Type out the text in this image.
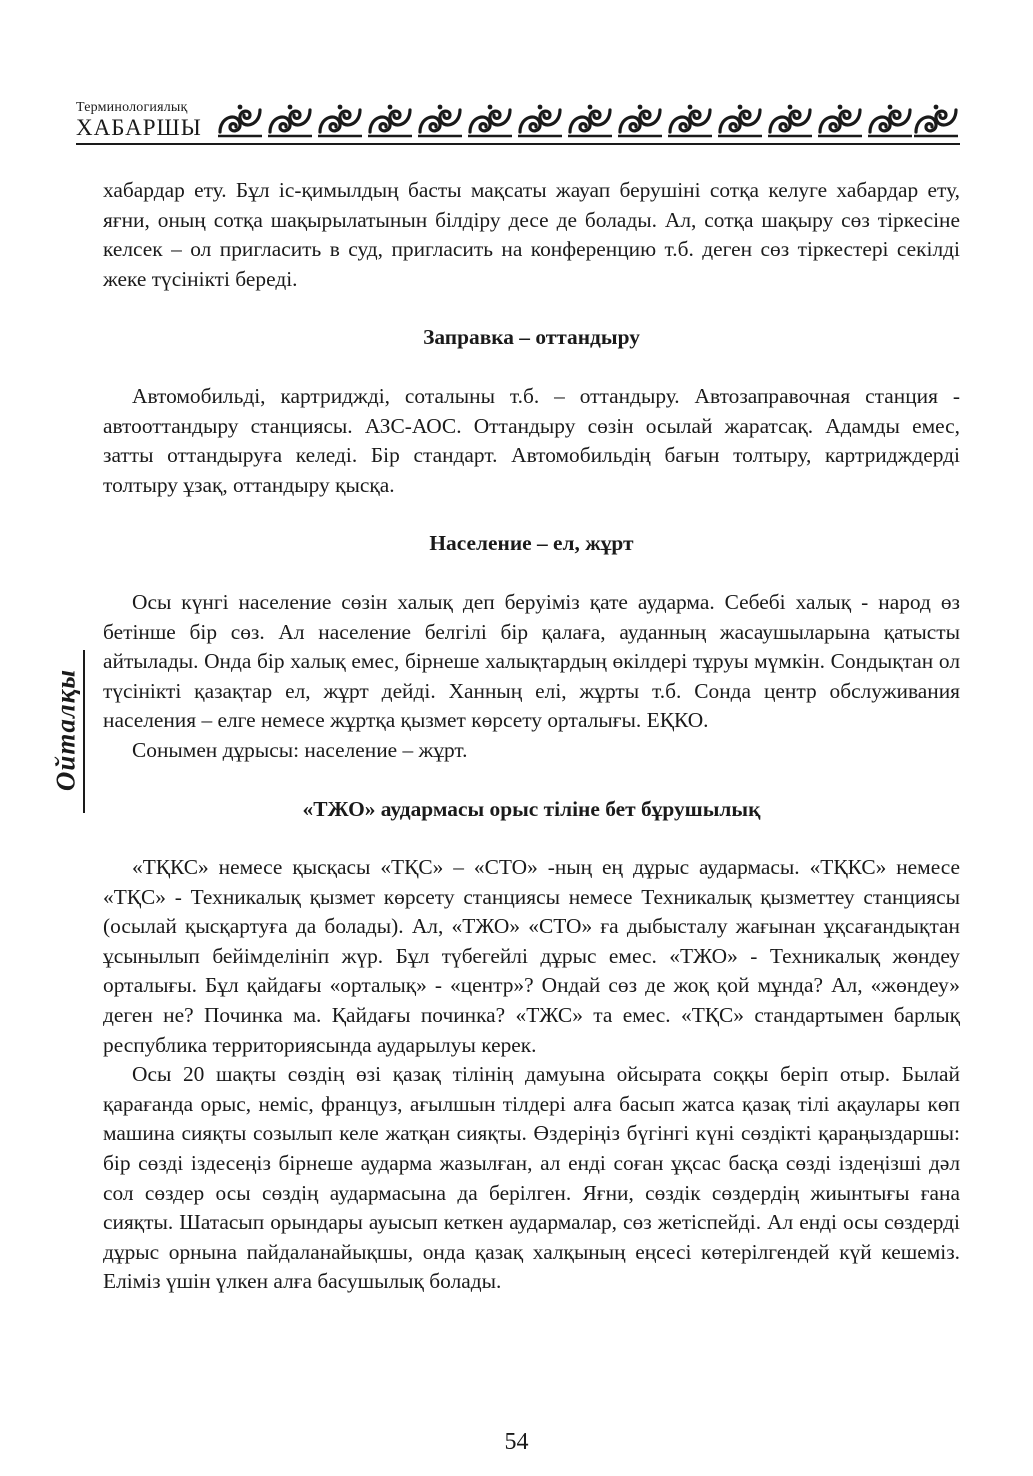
Терминологиялық
ХАБАРШЫ
Ойталқы

хабардар ету. Бұл іс-қимылдың басты мақсаты жауап берушіні сотқа келуге хабардар ету, яғни, оның сотқа шақырылатынын білдіру десе де болады. Ал, сотқа шақыру сөз тіркесіне келсек – ол пригласить в суд, пригласить на конференцию т.б. деген сөз тіркестері секілді жеке түсінікті береді.

Заправка – оттандыру

Автомобильді, картриджді, соталыны т.б. – оттандыру. Автозаправочная станция - автооттандыру станциясы. АЗС-АОС. Оттандыру сөзін осылай жаратсақ. Адамды емес, затты оттандыруға келеді. Бір стандарт. Автомобильдің бағын толтыру, картридждерді толтыру ұзақ, оттандыру қысқа.

Население – ел, жұрт

Осы күнгі население сөзін халық деп беруіміз қате аударма. Себебі халық - народ өз бетінше бір сөз. Ал население белгілі бір қалаға, ауданның жасаушыларына қатысты айтылады. Онда бір халық емес, бірнеше халықтардың өкілдері тұруы мүмкін. Сондықтан ол түсінікті қазақтар ел, жұрт дейді. Ханның елі, жұрты т.б. Сонда центр обслуживания населения – елге немесе жұртқа қызмет көрсету орталығы. ЕҚКО.

Сонымен дұрысы: население – жұрт.

«ТЖО» аудармасы орыс тіліне бет бұрушылық

«ТҚКС» немесе қысқасы «ТҚС» – «СТО» -ның ең дұрыс аудармасы. «ТҚКС» немесе «ТҚС» - Техникалық қызмет көрсету станциясы немесе Техникалық қызметтеу станциясы (осылай қысқартуға да болады). Ал, «ТЖО» «СТО» ға дыбысталу жағынан ұқсағандықтан ұсынылып бейімделініп жүр. Бұл түбегейлі дұрыс емес. «ТЖО» - Техникалық жөндеу орталығы. Бұл қайдағы «орталық» - «центр»? Ондай сөз де жоқ қой мұнда? Ал, «жөндеу» деген не? Починка ма. Қайдағы починка? «ТЖС» та емес. «ТҚС» стандартымен барлық республика территориясында аударылуы керек.

Осы 20 шақты сөздің өзі қазақ тілінің дамуына ойсырата соққы беріп отыр. Былай қарағанда орыс, неміс, француз, ағылшын тілдері алға басып жатса қазақ тілі ақаулары көп машина сияқты созылып келе жатқан сияқты. Өздеріңіз бүгінгі күні сөздікті қараңыздаршы: бір сөзді іздесеңіз бірнеше аударма жазылған, ал енді соған ұқсас басқа сөзді іздеңізші дәл сол сөздер осы сөздің аудармасына да берілген. Яғни, сөздік сөздердің жиынтығы ғана сияқты. Шатасып орындары ауысып кеткен аудармалар, сөз жетіспейді. Ал енді осы сөздерді дұрыс орнына пайдаланайықшы, онда қазақ халқының еңсесі көтерілгендей күй кешеміз. Еліміз үшін үлкен алға басушылық болады.

54
